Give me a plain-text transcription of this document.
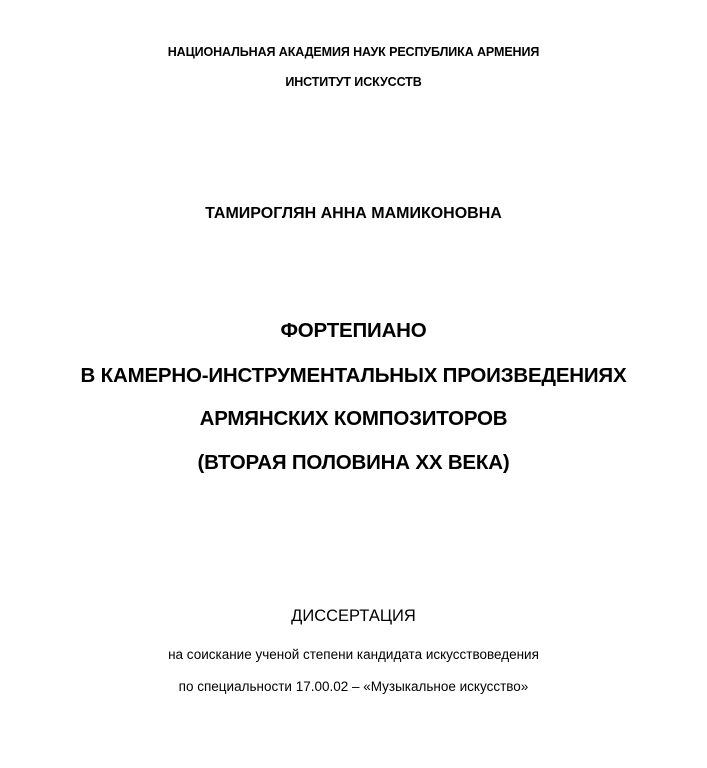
НАЦИОНАЛЬНАЯ АКАДЕМИЯ НАУК РЕСПУБЛИКА АРМЕНИЯ
ИНСТИТУТ ИСКУССТВ
ТАМИРОГЛЯН АННА МАМИКОНОВНА
ФОРТЕПИАНО
В КАМЕРНО-ИНСТРУМЕНТАЛЬНЫХ ПРОИЗВЕДЕНИЯХ
АРМЯНСКИХ КОМПОЗИТОРОВ
(ВТОРАЯ ПОЛОВИНА XX ВЕКА)
ДИССЕРТАЦИЯ
на соискание ученой степени кандидата искусствоведения
по специальности 17.00.02 – «Музыкальное искусство»
